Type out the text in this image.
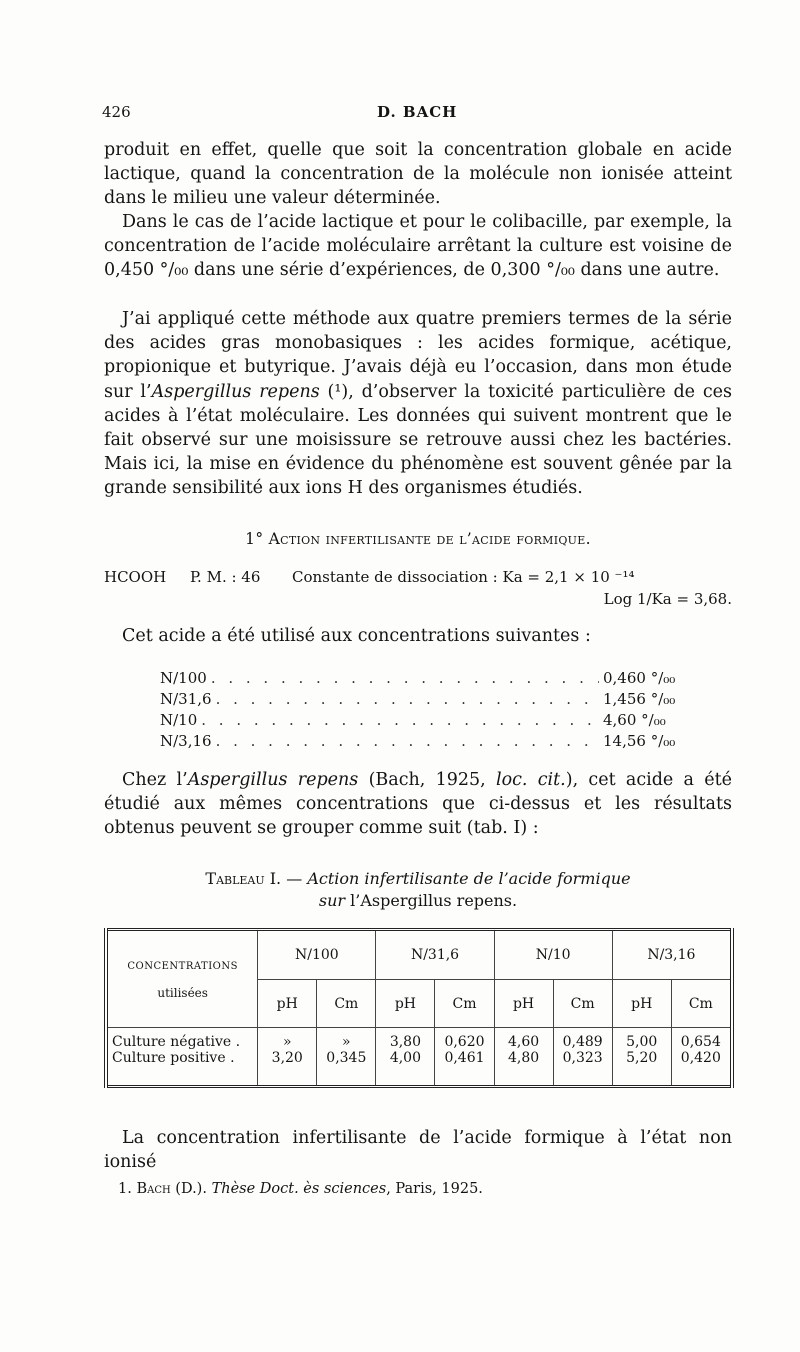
426	D. BACH
produit en effet, quelle que soit la concentration globale en acide lactique, quand la concentration de la molécule non ionisée atteint dans le milieu une valeur déterminée.
Dans le cas de l’acide lactique et pour le colibacille, par exemple, la concentration de l’acide moléculaire arrêtant la culture est voisine de 0,450 °/₀₀ dans une série d’expériences, de 0,300 °/₀₀ dans une autre.
J’ai appliqué cette méthode aux quatre premiers termes de la série des acides gras monobasiques : les acides formique, acétique, propionique et butyrique. J’avais déjà eu l’occasion, dans mon étude sur l’Aspergillus repens (¹), d’observer la toxicité particulière de ces acides à l’état moléculaire. Les données qui suivent montrent que le fait observé sur une moisissure se retrouve aussi chez les bactéries. Mais ici, la mise en évidence du phénomène est souvent gênée par la grande sensibilité aux ions H des organismes étudiés.
1° Action infertilisante de l’acide formique.
HCOOH P. M. : 46 Constante de dissociation : Ka = 2,1 × 10 ⁻¹⁴
Log 1/Ka = 3,68.
Cet acide a été utilisé aux concentrations suivantes :
N/100 . . .	0,460 °/₀₀
N/31,6 . . .	1,456 °/₀₀
N/10 . . .	4,60 °/₀₀
N/3,16 . . .	14,56 °/₀₀
Chez l’Aspergillus repens (Bach, 1925, loc. cit.), cet acide a été étudié aux mêmes concentrations que ci-dessus et les résultats obtenus peuvent se grouper comme suit (tab. I) :
Tableau I. — Action infertilisante de l’acide formique
sur l’Aspergillus repens.
CONCENTRATIONS
utilisées	N/100		N/31,6		N/10		N/3,16	
	pH	Cm	pH	Cm	pH	Cm	pH	Cm
Culture négative .	»	»	3,80	0,620	4,60	0,489	5,00	0,654
Culture positive .	3,20	0,345	4,00	0,461	4,80	0,323	5,20	0,420
La concentration infertilisante de l’acide formique à l’état non ionisé
1. Bach (D.). Thèse Doct. ès sciences, Paris, 1925.
